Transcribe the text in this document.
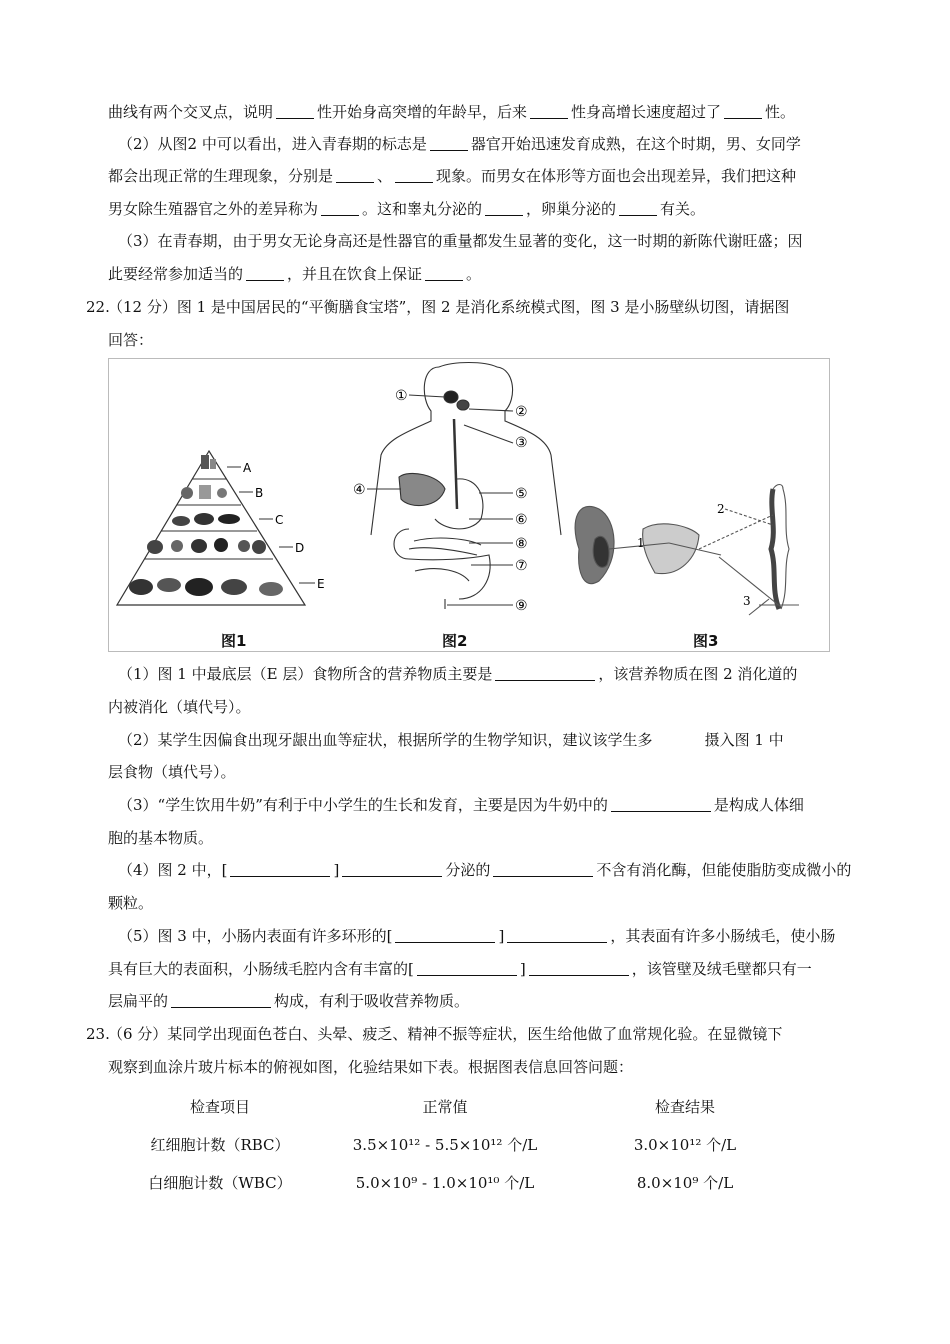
曲线有两个交叉点，说明	性开始身高突增的年龄早，后来	性身高增长速度超过了	性。
（2）从图2 中可以看出，进入青春期的标志是	器官开始迅速发育成熟，在这个时期，男、女同学
都会出现正常的生理现象，分别是	、	现象。而男女在体形等方面也会出现差异，我们把这种
男女除生殖器官之外的差异称为	。这和睾丸分泌的	，卵巢分泌的	有关。
（3）在青春期，由于男女无论身高还是性器官的重量都发生显著的变化，这一时期的新陈代谢旺盛；因
此要经常参加适当的	，并且在饮食上保证	。
22.
（12 分）图 1 是中国居民的“平衡膳食宝塔”，图 2 是消化系统模式图，图 3 是小肠壁纵切图，请据图
回答：
A
B
C
D
E
①
②
③
④	⑤
⑥
⑧
⑦
⑨
1
2
3
图1	图2	图3
（1）图 1 中最底层（E 层）食物所含的营养物质主要是	，该营养物质在图 2 消化道的
内被消化（填代号）。
（2）某学生因偏食出现牙龈出血等症状，根据所学的生物学知识，建议该学生多	摄入图 1 中
层食物（填代号）。
（3）“学生饮用牛奶”有利于中小学生的生长和发育，主要是因为牛奶中的	是构成人体细
胞的基本物质。
（4）图 2 中，[	]	分泌的	不含有消化酶，但能使脂肪变成微小的
颗粒。
（5）图 3 中，小肠内表面有许多环形的[	]	，其表面有许多小肠绒毛，使小肠
具有巨大的表面积，小肠绒毛腔内含有丰富的[	]	，该管壁及绒毛壁都只有一
层扁平的	构成，有利于吸收营养物质。
23.
（6 分）某同学出现面色苍白、头晕、疲乏、精神不振等症状，医生给他做了血常规化验。在显微镜下
观察到血涂片玻片标本的俯视如图，化验结果如下表。根据图表信息回答问题：
检查项目	正常值	检查结果
红细胞计数（RBC）	3.5×10¹² - 5.5×10¹² 个/L	3.0×10¹² 个/L
白细胞计数（WBC）	5.0×10⁹ - 1.0×10¹⁰ 个/L	8.0×10⁹ 个/L
